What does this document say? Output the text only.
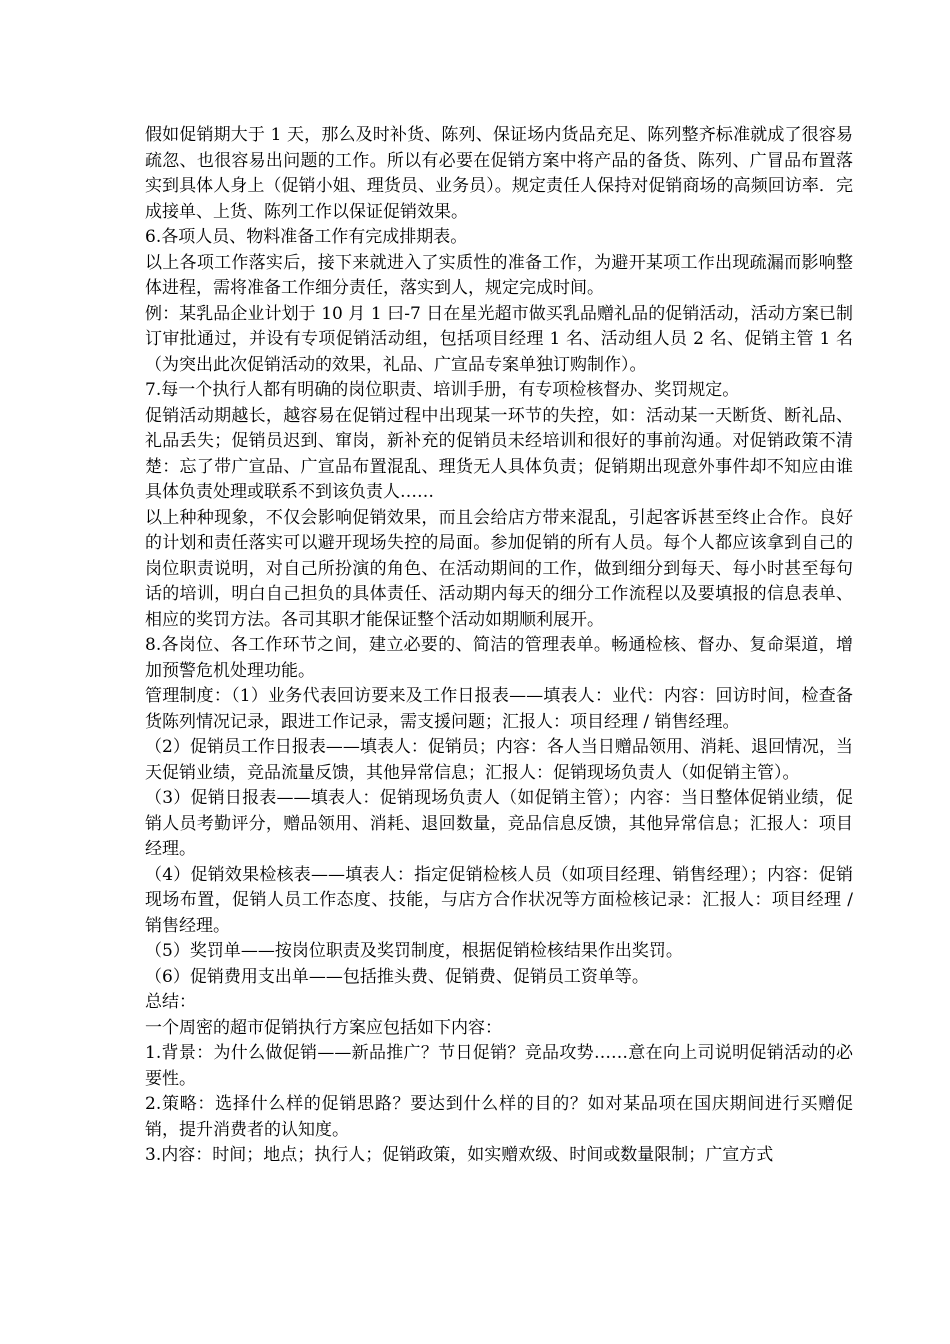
假如促销期大于 1 天，那么及时补货、陈列、保证场内货品充足、陈列整齐标准就成了很容易疏忽、也很容易出问题的工作。所以有必要在促销方案中将产品的备货、陈列、广冒品布置落实到具体人身上（促销小姐、理货员、业务员）。规定责任人保持对促销商场的高频回访率．完成接单、上货、陈列工作以保证促销效果。

6.各项人员、物料准备工作有完成排期表。

以上各项工作落实后，接下来就进入了实质性的准备工作，为避开某项工作出现疏漏而影响整体进程，需将准备工作细分责任，落实到人，规定完成时间。

例：某乳品企业计划于 10 月 1 曰-7 日在星光超市做买乳品赠礼品的促销活动，活动方案已制订审批通过，并设有专项促销活动组，包括项目经理 1 名、活动组人员 2 名、促销主管 1 名（为突出此次促销活动的效果，礼品、广宣品专案单独订购制作）。

7.每一个执行人都有明确的岗位职责、培训手册，有专项检核督办、奖罚规定。

促销活动期越长，越容易在促销过程中出现某一环节的失控，如：活动某一天断货、断礼品、礼品丢失；促销员迟到、窜岗，新补充的促销员未经培训和很好的事前沟通。对促销政策不清楚：忘了带广宣品、广宣品布置混乱、理货无人具体负责；促销期出现意外事件却不知应由谁具体负责处理或联系不到该负责人……

以上种种现象，不仅会影响促销效果，而且会给店方带来混乱，引起客诉甚至终止合作。良好的计划和责任落实可以避开现场失控的局面。参加促销的所有人员。每个人都应该拿到自己的岗位职责说明，对自己所扮演的角色、在活动期间的工作，做到细分到每天、每小时甚至每句话的培训，明白自己担负的具体责任、活动期内每天的细分工作流程以及要填报的信息表单、相应的奖罚方法。各司其职才能保证整个活动如期顺利展开。

8.各岗位、各工作环节之间，建立必要的、简洁的管理表单。畅通检核、督办、复命渠道，增加预警危机处理功能。

管理制度：（1）业务代表回访要来及工作日报表——填表人：业代：内容：回访时间，检查备货陈列情况记录，跟进工作记录，需支援问题；汇报人：项目经理 / 销售经理。

（2）促销员工作日报表——填表人：促销员；内容：各人当日赠品领用、消耗、退回情况，当天促销业绩，竞品流量反馈，其他异常信息；汇报人：促销现场负责人（如促销主管）。

（3）促销日报表——填表人：促销现场负责人（如促销主管）；内容：当日整体促销业绩，促销人员考勤评分，赠品领用、消耗、退回数量，竞品信息反馈，其他异常信息；汇报人：项目经理。

（4）促销效果检核表——填表人：指定促销检核人员（如项目经理、销售经理）；内容：促销现场布置，促销人员工作态度、技能，与店方合作状况等方面检核记录：汇报人：项目经理 / 销售经理。

（5）奖罚单——按岗位职责及奖罚制度，根据促销检核结果作出奖罚。

（6）促销费用支出单——包括推头费、促销费、促销员工资单等。

总结：

一个周密的超市促销执行方案应包括如下内容：

1.背景：为什么做促销——新品推广？节日促销？竞品攻势……意在向上司说明促销活动的必要性。

2.策略：选择什么样的促销思路？要达到什么样的目的？如对某品项在国庆期间进行买赠促销，提升消费者的认知度。

3.内容：时间；地点；执行人；促销政策，如实赠欢级、时间或数量限制；广宣方式
